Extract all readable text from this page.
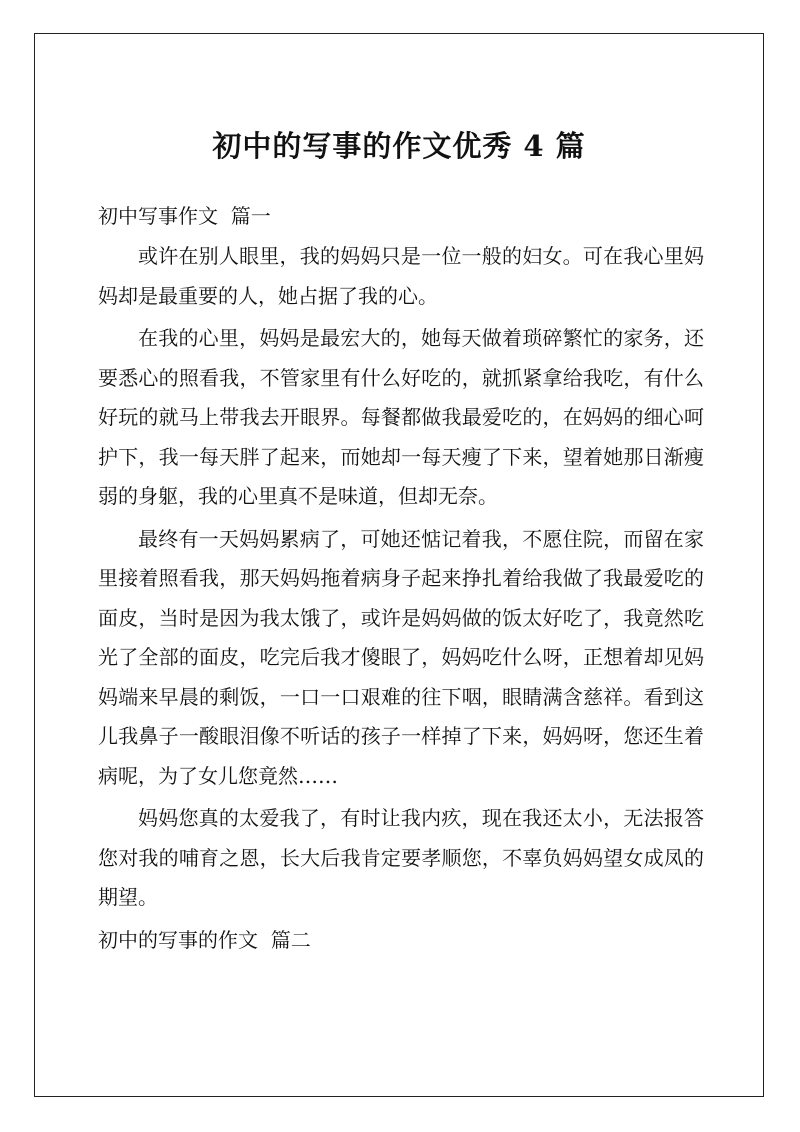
初中的写事的作文优秀 4 篇
初中写事作文  篇一

或许在别人眼里，我的妈妈只是一位一般的妇女。可在我心里妈妈却是最重要的人，她占据了我的心。

在我的心里，妈妈是最宏大的，她每天做着琐碎繁忙的家务，还要悉心的照看我，不管家里有什么好吃的，就抓紧拿给我吃，有什么好玩的就马上带我去开眼界。每餐都做我最爱吃的，在妈妈的细心呵护下，我一每天胖了起来，而她却一每天瘦了下来，望着她那日渐瘦弱的身躯，我的心里真不是味道，但却无奈。

最终有一天妈妈累病了，可她还惦记着我，不愿住院，而留在家里接着照看我，那天妈妈拖着病身子起来挣扎着给我做了我最爱吃的面皮，当时是因为我太饿了，或许是妈妈做的饭太好吃了，我竟然吃光了全部的面皮，吃完后我才傻眼了，妈妈吃什么呀，正想着却见妈妈端来早晨的剩饭，一口一口艰难的往下咽，眼睛满含慈祥。看到这儿我鼻子一酸眼泪像不听话的孩子一样掉了下来，妈妈呀，您还生着病呢，为了女儿您竟然……

妈妈您真的太爱我了，有时让我内疚，现在我还太小，无法报答您对我的哺育之恩，长大后我肯定要孝顺您，不辜负妈妈望女成凤的期望。

初中的写事的作文  篇二
